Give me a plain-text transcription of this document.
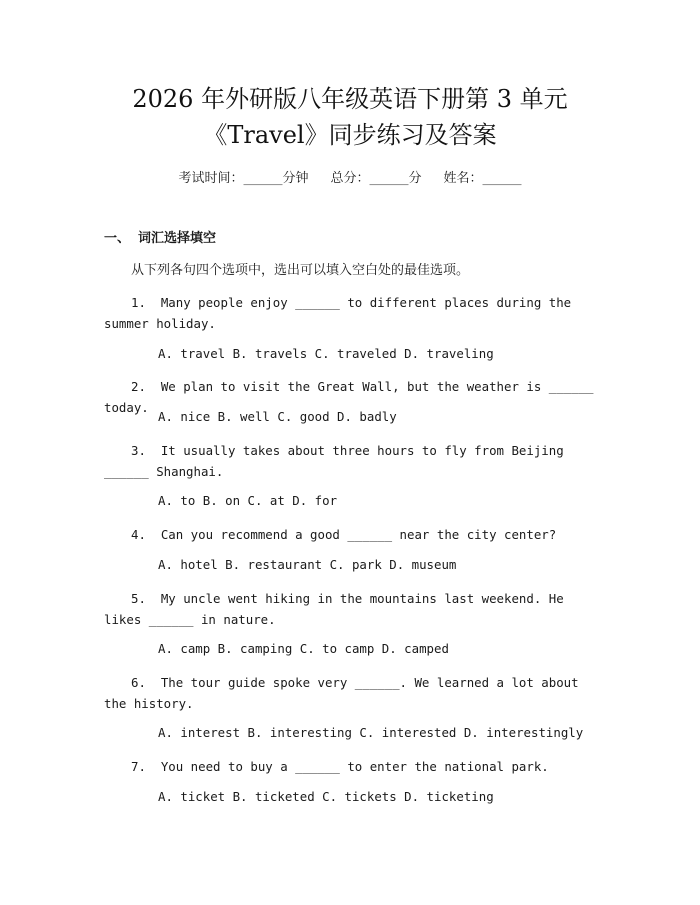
2026 年外研版八年级英语下册第 3 单元
《Travel》同步练习及答案
考试时间：______分钟 总分：______分 姓名：______
一、 词汇选择填空
从下列各句四个选项中，选出可以填入空白处的最佳选项。
1. Many people enjoy ______ to different places during the summer holiday.
A. travel B. travels C. traveled D. traveling
2. We plan to visit the Great Wall, but the weather is ______ today.
A. nice B. well C. good D. badly
3. It usually takes about three hours to fly from Beijing ______ Shanghai.
A. to B. on C. at D. for
4. Can you recommend a good ______ near the city center?
A. hotel B. restaurant C. park D. museum
5. My uncle went hiking in the mountains last weekend. He likes ______ in nature.
A. camp B. camping C. to camp D. camped
6. The tour guide spoke very ______. We learned a lot about the history.
A. interest B. interesting C. interested D. interestingly
7. You need to buy a ______ to enter the national park.
A. ticket B. ticketed C. tickets D. ticketing
